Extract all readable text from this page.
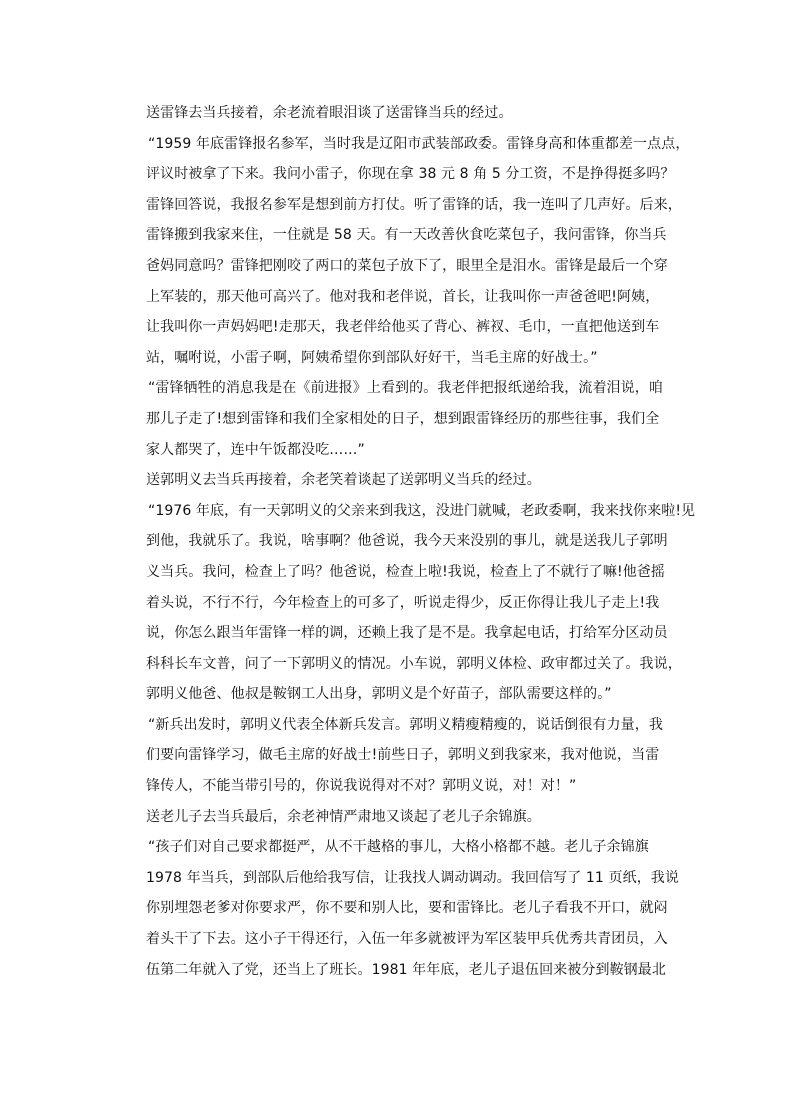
送雷锋去当兵接着，余老流着眼泪谈了送雷锋当兵的经过。
“1959 年底雷锋报名参军，当时我是辽阳市武装部政委。雷锋身高和体重都差一点点，
评议时被拿了下来。我问小雷子，你现在拿 38 元 8 角 5 分工资，不是挣得挺多吗？
雷锋回答说，我报名参军是想到前方打仗。听了雷锋的话，我一连叫了几声好。后来，
雷锋搬到我家来住，一住就是 58 天。有一天改善伙食吃菜包子，我问雷锋，你当兵
爸妈同意吗？雷锋把刚咬了两口的菜包子放下了，眼里全是泪水。雷锋是最后一个穿
上军装的，那天他可高兴了。他对我和老伴说，首长，让我叫你一声爸爸吧!阿姨，
让我叫你一声妈妈吧!走那天，我老伴给他买了背心、裤衩、毛巾，一直把他送到车
站，嘱咐说，小雷子啊，阿姨希望你到部队好好干，当毛主席的好战士。”
“雷锋牺牲的消息我是在《前进报》上看到的。我老伴把报纸递给我，流着泪说，咱
那儿子走了!想到雷锋和我们全家相处的日子，想到跟雷锋经历的那些往事，我们全
家人都哭了，连中午饭都没吃……”
送郭明义去当兵再接着，余老笑着谈起了送郭明义当兵的经过。
“1976 年底，有一天郭明义的父亲来到我这，没进门就喊，老政委啊，我来找你来啦!见
到他，我就乐了。我说，啥事啊？他爸说，我今天来没别的事儿，就是送我儿子郭明
义当兵。我问，检查上了吗？他爸说，检查上啦!我说，检查上了不就行了嘛!他爸摇
着头说，不行不行，今年检查上的可多了，听说走得少，反正你得让我儿子走上!我
说，你怎么跟当年雷锋一样的调，还赖上我了是不是。我拿起电话，打给军分区动员
科科长车文普，问了一下郭明义的情况。小车说，郭明义体检、政审都过关了。我说，
郭明义他爸、他叔是鞍钢工人出身，郭明义是个好苗子，部队需要这样的。”
“新兵出发时，郭明义代表全体新兵发言。郭明义精瘦精瘦的，说话倒很有力量，我
们要向雷锋学习，做毛主席的好战士!前些日子，郭明义到我家来，我对他说，当雷
锋传人，不能当带引号的，你说我说得对不对？郭明义说，对！对！”
送老儿子去当兵最后，余老神情严肃地又谈起了老儿子余锦旗。
“孩子们对自己要求都挺严，从不干越格的事儿，大格小格都不越。老儿子余锦旗
1978 年当兵，到部队后他给我写信，让我找人调动调动。我回信写了 11 页纸，我说
你别埋怨老爹对你要求严，你不要和别人比，要和雷锋比。老儿子看我不开口，就闷
着头干了下去。这小子干得还行，入伍一年多就被评为军区装甲兵优秀共青团员，入
伍第二年就入了党，还当上了班长。1981 年年底，老儿子退伍回来被分到鞍钢最北
